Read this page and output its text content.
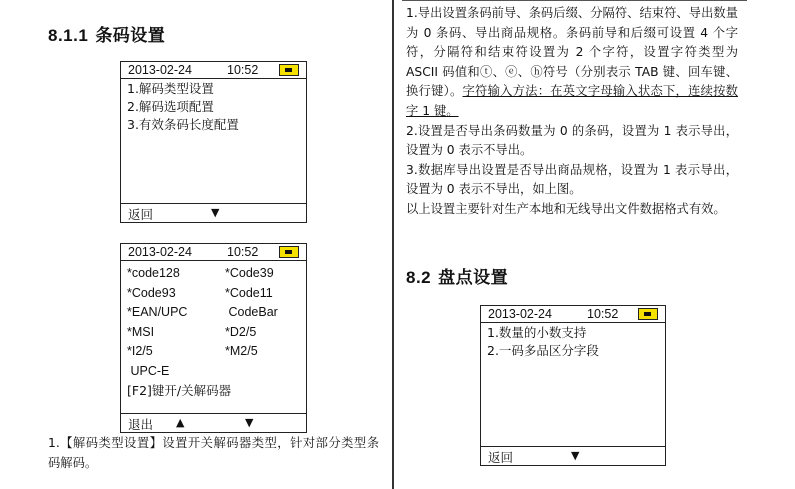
8.1.1 条码设置
2013-02-24	10:52
1.解码类型设置
2.解码选项配置
3.有效条码长度配置
返回	▼
2013-02-24	10:52
*code128	*Code39
*Code93	*Code11
*EAN/UPC	CodeBar
*MSI	*D2/5
*I2/5	*M2/5
UPC-E
[F2]键开/关解码器
退出 ▲	▼

1.【解码类型设置】设置开关解码器类型，针对部分类型条码解码。

1.导出设置条码前导、条码后缀、分隔符、结束符、导出数量为 0 条码、导出商品规格。条码前导和后缀可设置 4 个字符，分隔符和结束符设置为 2 个字符，设置字符类型为 ASCII 码值和ⓣ、ⓔ、ⓗ符号（分别表示 TAB 键、回车键、换行键）。字符输入方法：在英文字母输入状态下，连续按数字 1 键。

2.设置是否导出条码数量为 0 的条码，设置为 1 表示导出，设置为 0 表示不导出。

3.数据库导出设置是否导出商品规格，设置为 1 表示导出，设置为 0 表示不导出，如上图。

以上设置主要针对生产本地和无线导出文件数据格式有效。

8.2 盘点设置
2013-02-24	10:52
1.数量的小数支持
2.一码多品区分字段
返回	▼
